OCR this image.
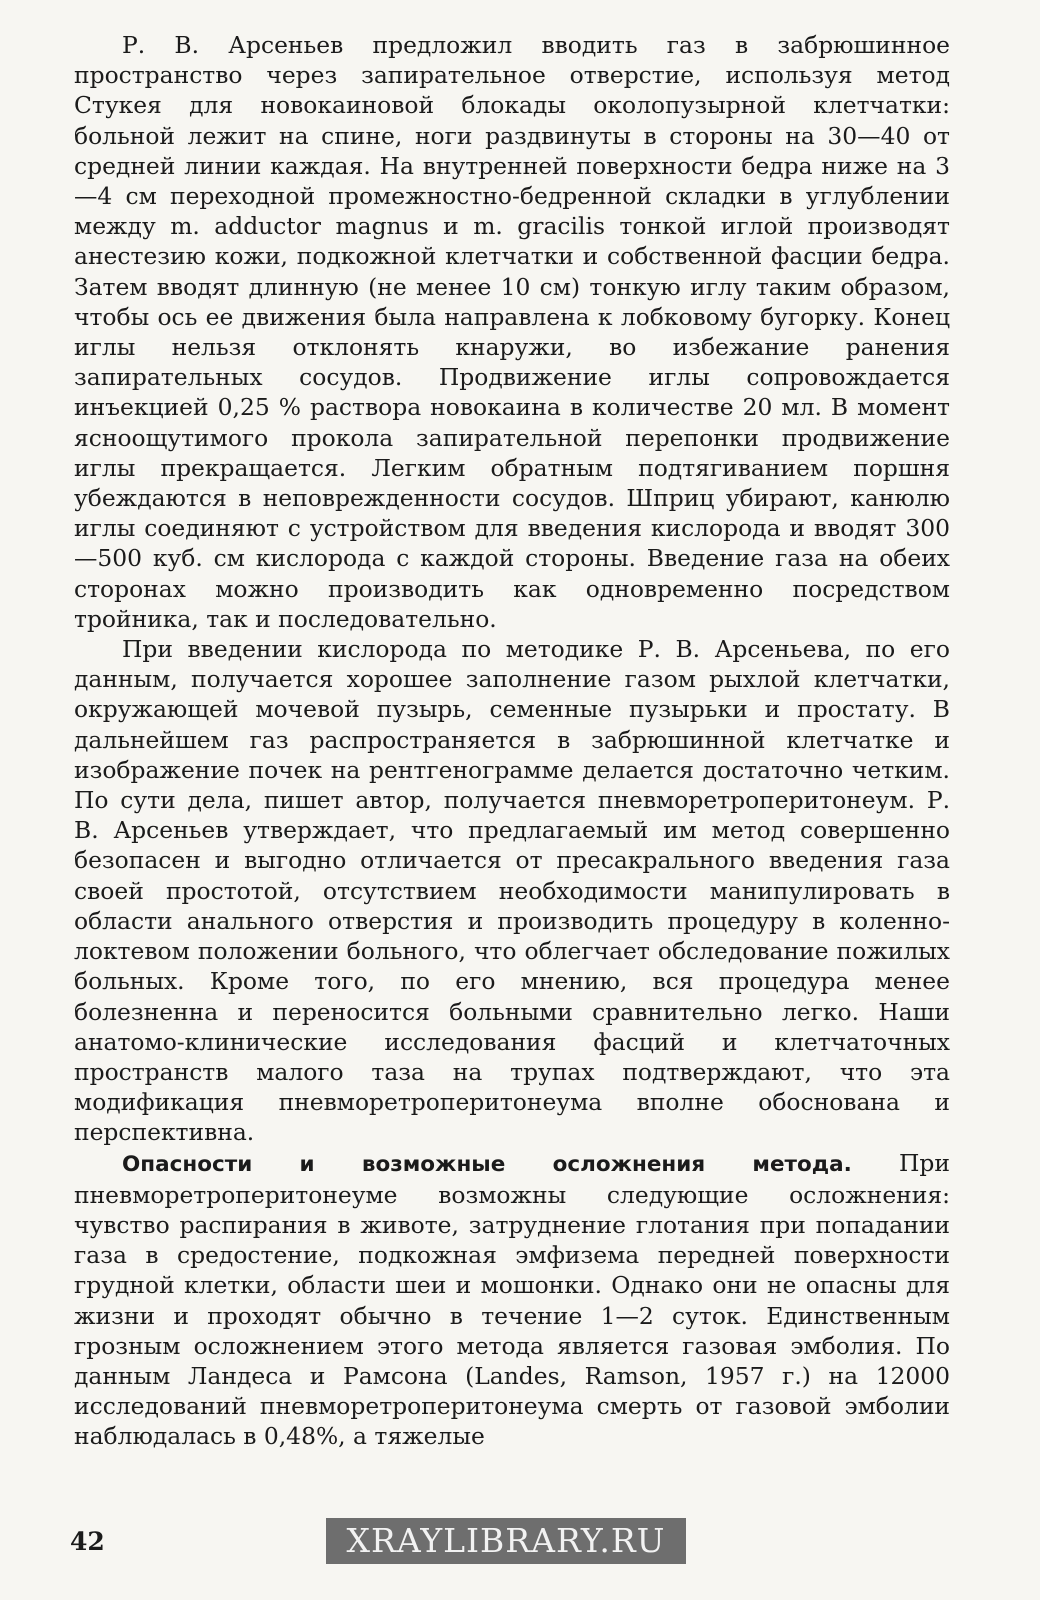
Р. В. Арсеньев предложил вводить газ в забрюшинное пространство через запирательное отверстие, используя метод Стукея для новокаиновой блокады околопузырной клетчатки: больной лежит на спине, ноги раздвинуты в стороны на 30—40 от средней линии каждая. На внутренней поверхности бедра ниже на 3—4 см переходной промежностно-бедренной складки в углублении между m. adductor magnus и m. gracilis тонкой иглой производят анестезию кожи, подкожной клетчатки и собственной фасции бедра. Затем вводят длинную (не менее 10 см) тонкую иглу таким образом, чтобы ось ее движения была направлена к лобковому бугорку. Конец иглы нельзя отклонять кнаружи, во избежание ранения запирательных сосудов. Продвижение иглы сопровождается инъекцией 0,25 % раствора новокаина в количестве 20 мл. В момент ясноощутимого прокола запирательной перепонки продвижение иглы прекращается. Легким обратным подтягиванием поршня убеждаются в неповрежденности сосудов. Шприц убирают, канюлю иглы соединяют с устройством для введения кислорода и вводят 300—500 куб. см кислорода с каждой стороны. Введение газа на обеих сторонах можно производить как одновременно посредством тройника, так и последовательно.

При введении кислорода по методике Р. В. Арсеньева, по его данным, получается хорошее заполнение газом рыхлой клетчатки, окружающей мочевой пузырь, семенные пузырьки и простату. В дальнейшем газ распространяется в забрюшинной клетчатке и изображение почек на рентгенограмме делается достаточно четким. По сути дела, пишет автор, получается пневморетроперитонеум. Р. В. Арсеньев утверждает, что предлагаемый им метод совершенно безопасен и выгодно отличается от пресакрального введения газа своей простотой, отсутствием необходимости манипулировать в области анального отверстия и производить процедуру в коленно-локтевом положении больного, что облегчает обследование пожилых больных. Кроме того, по его мнению, вся процедура менее болезненна и переносится больными сравнительно легко. Наши анатомо-клинические исследования фасций и клетчаточных пространств малого таза на трупах подтверждают, что эта модификация пневморетроперитонеума вполне обоснована и перспективна.

Опасности и возможные осложнения метода. При пневморетроперитонеуме возможны следующие осложнения: чувство распирания в животе, затруднение глотания при попадании газа в средостение, подкожная эмфизема передней поверхности грудной клетки, области шеи и мошонки. Однако они не опасны для жизни и проходят обычно в течение 1—2 суток. Единственным грозным осложнением этого метода является газовая эмболия. По данным Ландеса и Рамсона (Landes, Ramson, 1957 г.) на 12000 исследований пневморетроперитонеума смерть от газовой эмболии наблюдалась в 0,48%, а тяжелые

42	XRAYLIBRARY.RU
